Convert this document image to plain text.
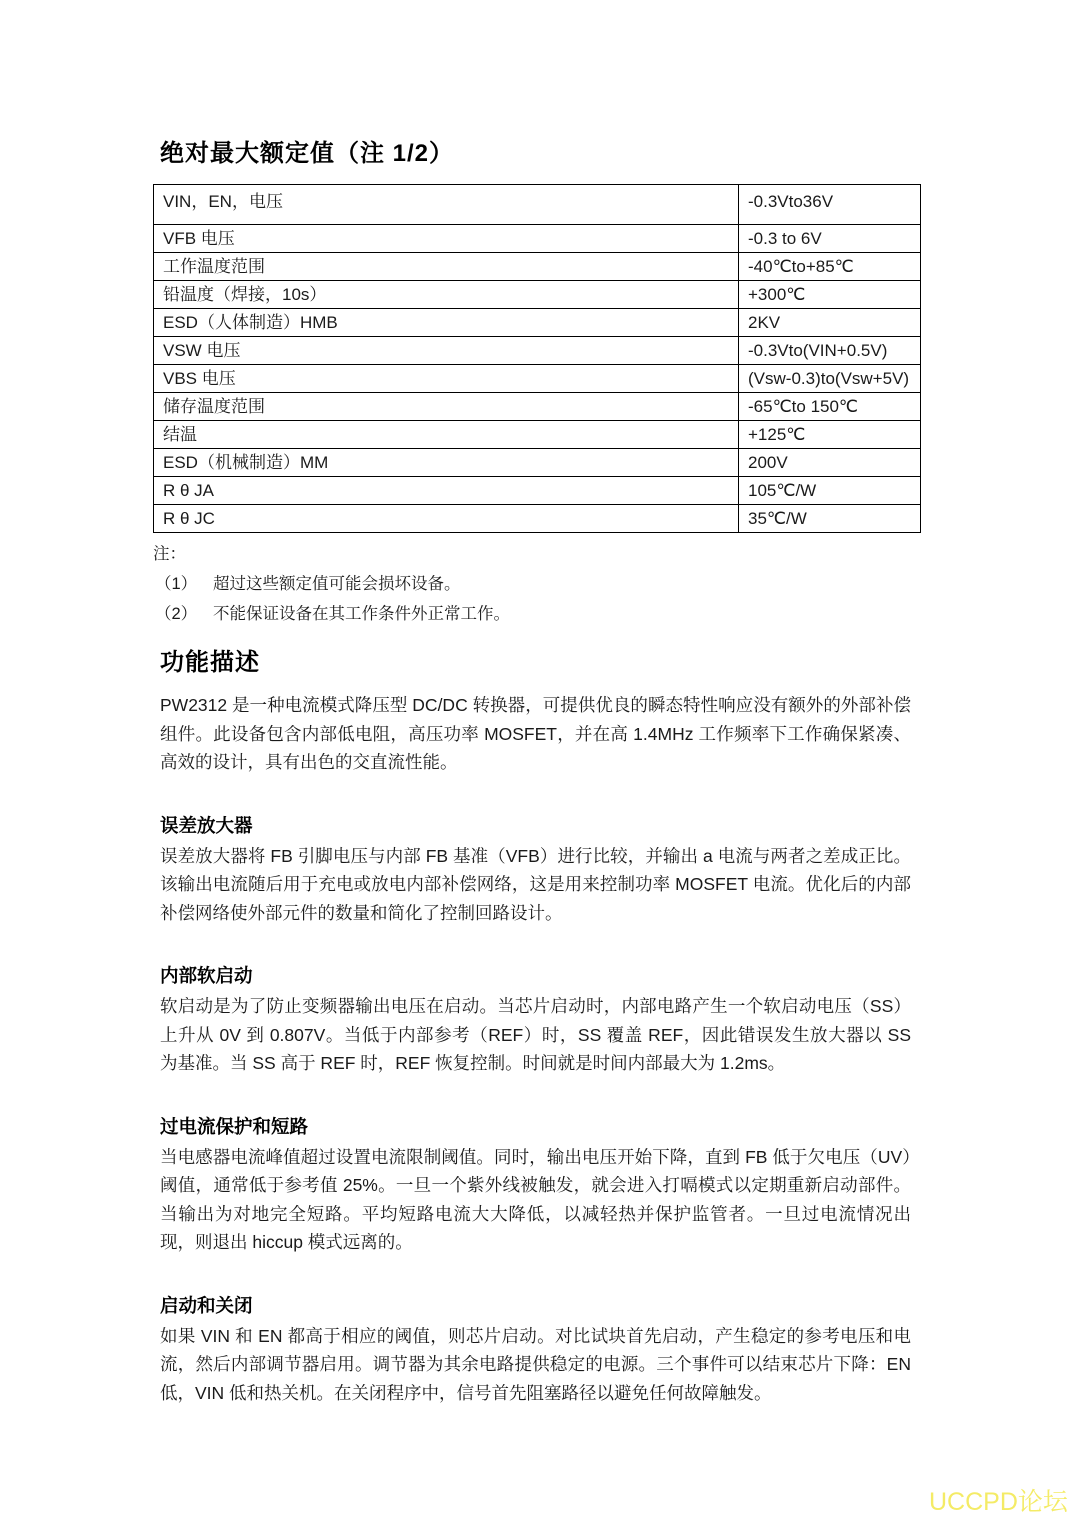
绝对最大额定值（注 1/2）
VIN，EN，电压	-0.3Vto36V
VFB 电压	-0.3 to 6V
工作温度范围	-40℃to+85℃
铅温度（焊接，10s）	+300℃
ESD（人体制造）HMB	2KV
VSW 电压	-0.3Vto(VIN+0.5V)
VBS 电压	(Vsw-0.3)to(Vsw+5V)
储存温度范围	-65℃to 150℃
结温	+125℃
ESD（机械制造）MM	200V
R θ JA	105℃/W
R θ JC	35℃/W
注：
（1） 超过这些额定值可能会损坏设备。
（2） 不能保证设备在其工作条件外正常工作。
功能描述

PW2312 是一种电流模式降压型 DC/DC 转换器，可提供优良的瞬态特性响应没有额外的外部补偿组件。此设备包含内部低电阻，高压功率 MOSFET，并在高 1.4MHz 工作频率下工作确保紧凑、高效的设计，具有出色的交直流性能。

误差放大器

误差放大器将 FB 引脚电压与内部 FB 基准（VFB）进行比较，并输出 a 电流与两者之差成正比。该输出电流随后用于充电或放电内部补偿网络，这是用来控制功率 MOSFET 电流。优化后的内部补偿网络使外部元件的数量和简化了控制回路设计。

内部软启动

软启动是为了防止变频器输出电压在启动。当芯片启动时，内部电路产生一个软启动电压（SS）上升从 0V 到 0.807V。当低于内部参考（REF）时，SS 覆盖 REF，因此错误发生放大器以 SS 为基准。当 SS 高于 REF 时，REF 恢复控制。时间就是时间内部最大为 1.2ms。

过电流保护和短路

当电感器电流峰值超过设置电流限制阈值。同时，输出电压开始下降，直到 FB 低于欠电压（UV）阈值，通常低于参考值 25%。一旦一个紫外线被触发，就会进入打嗝模式以定期重新启动部件。当输出为对地完全短路。平均短路电流大大降低，以减轻热并保护监管者。一旦过电流情况出现，则退出 hiccup 模式远离的。

启动和关闭

如果 VIN 和 EN 都高于相应的阈值，则芯片启动。对比试块首先启动，产生稳定的参考电压和电流，然后内部调节器启用。调节器为其余电路提供稳定的电源。三个事件可以结束芯片下降：EN 低，VIN 低和热关机。在关闭程序中，信号首先阻塞路径以避免任何故障触发。

UCCPD论坛
